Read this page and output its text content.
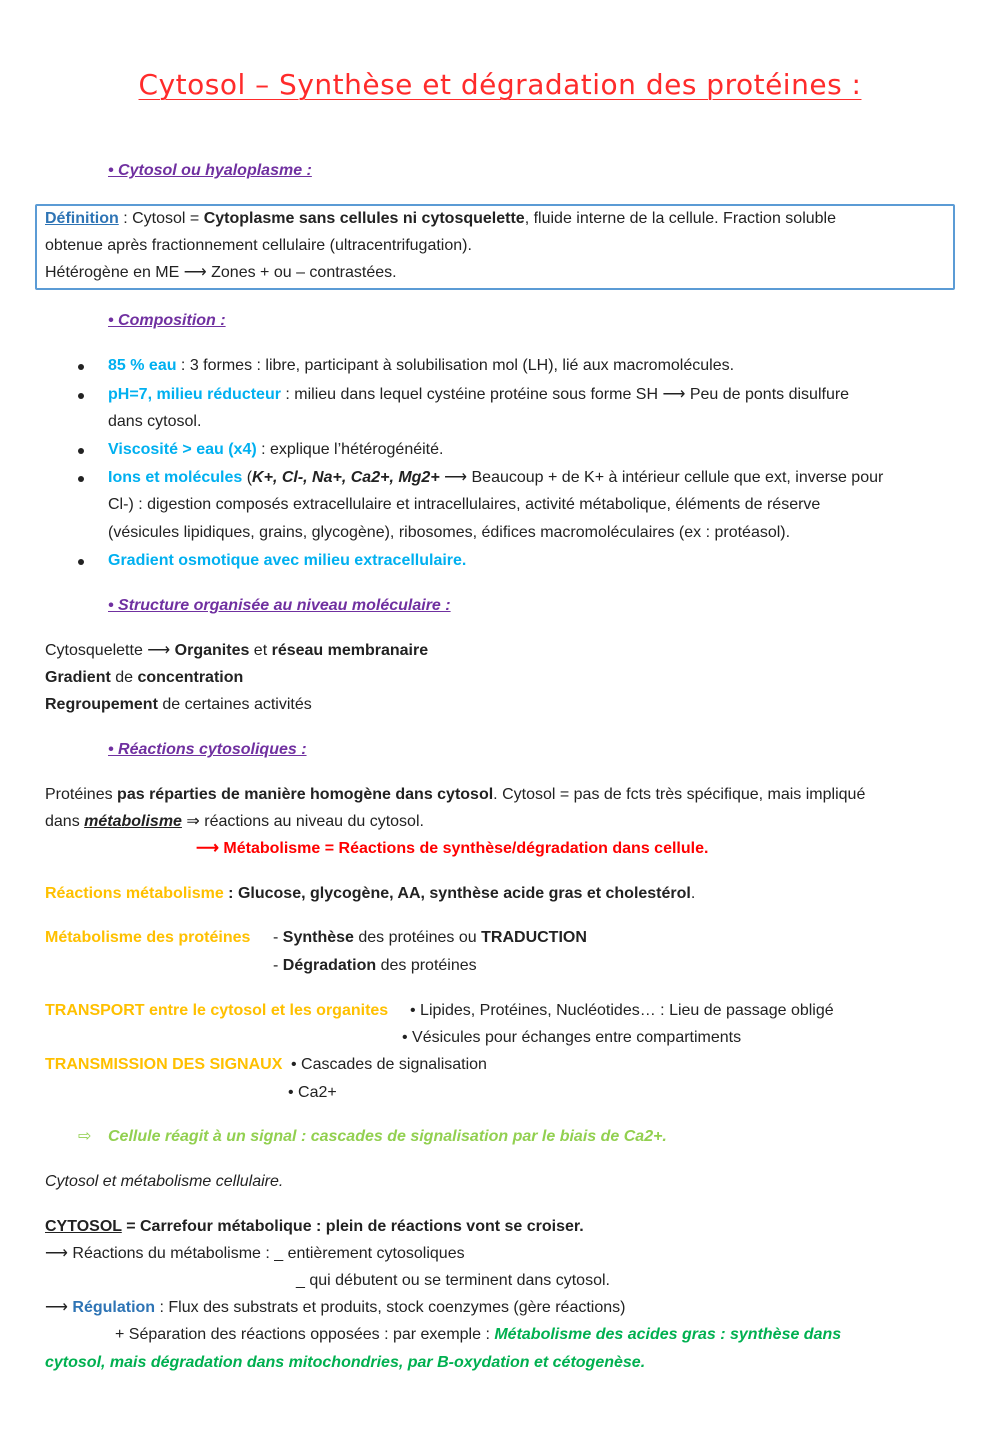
Cytosol – Synthèse et dégradation des protéines :
• Cytosol ou hyaloplasme :
Définition : Cytosol = Cytoplasme sans cellules ni cytosquelette, fluide interne de la cellule. Fraction soluble
obtenue après fractionnement cellulaire (ultracentrifugation).
Hétérogène en ME ⟶ Zones + ou – contrastées.
• Composition :
85 % eau : 3 formes : libre, participant à solubilisation mol (LH), lié aux macromolécules.
pH=7, milieu réducteur : milieu dans lequel cystéine protéine sous forme SH ⟶ Peu de ponts disulfure
dans cytosol.
Viscosité > eau (x4) : explique l’hétérogénéité.
Ions et molécules (K+, Cl-, Na+, Ca2+, Mg2+ ⟶ Beaucoup + de K+ à intérieur cellule que ext, inverse pour
Cl-) : digestion composés extracellulaire et intracellulaires, activité métabolique, éléments de réserve
(vésicules lipidiques, grains, glycogène), ribosomes, édifices macromoléculaires (ex : protéasol).
Gradient osmotique avec milieu extracellulaire.
• Structure organisée au niveau moléculaire :
Cytosquelette ⟶ Organites et réseau membranaire
Gradient de concentration
Regroupement de certaines activités
• Réactions cytosoliques :
Protéines pas réparties de manière homogène dans cytosol. Cytosol = pas de fcts très spécifique, mais impliqué
dans métabolisme ⇒ réactions au niveau du cytosol.
⟶ Métabolisme = Réactions de synthèse/dégradation dans cellule.
Réactions métabolisme : Glucose, glycogène, AA, synthèse acide gras et cholestérol.
Métabolisme des protéines - Synthèse des protéines ou TRADUCTION
- Dégradation des protéines
TRANSPORT entre le cytosol et les organites • Lipides, Protéines, Nucléotides… : Lieu de passage obligé
• Vésicules pour échanges entre compartiments
TRANSMISSION DES SIGNAUX • Cascades de signalisation
• Ca2+
⇨ Cellule réagit à un signal : cascades de signalisation par le biais de Ca2+.
Cytosol et métabolisme cellulaire.
CYTOSOL = Carrefour métabolique : plein de réactions vont se croiser.
⟶ Réactions du métabolisme : _ entièrement cytosoliques
_ qui débutent ou se terminent dans cytosol.
⟶ Régulation : Flux des substrats et produits, stock coenzymes (gère réactions)
+ Séparation des réactions opposées : par exemple : Métabolisme des acides gras : synthèse dans
cytosol, mais dégradation dans mitochondries, par B-oxydation et cétogenèse.
